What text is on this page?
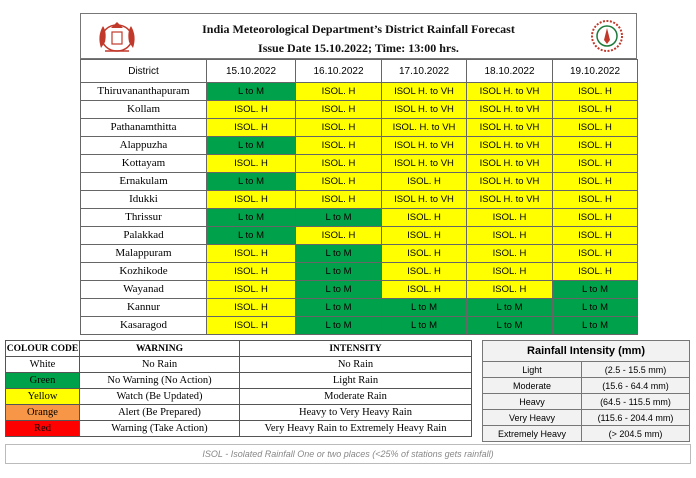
India Meteorological Department’s District Rainfall Forecast
Issue Date 15.10.2022; Time: 13:00 hrs.
District	15.10.2022	16.10.2022	17.10.2022	18.10.2022	19.10.2022
Thiruvananthapuram	L to M	ISOL. H	ISOL H. to VH	ISOL H. to VH	ISOL. H
Kollam	ISOL. H	ISOL. H	ISOL H. to VH	ISOL H. to VH	ISOL. H
Pathanamthitta	ISOL. H	ISOL. H	ISOL. H. to VH	ISOL H. to VH	ISOL. H
Alappuzha	L to M	ISOL. H	ISOL H. to VH	ISOL H. to VH	ISOL. H
Kottayam	ISOL. H	ISOL. H	ISOL H. to VH	ISOL H. to VH	ISOL. H
Ernakulam	L to M	ISOL. H	ISOL. H	ISOL H. to VH	ISOL. H
Idukki	ISOL. H	ISOL. H	ISOL H. to VH	ISOL H. to VH	ISOL. H
Thrissur	L to M	L to M	ISOL. H	ISOL. H	ISOL. H
Palakkad	L to M	ISOL. H	ISOL. H	ISOL. H	ISOL. H
Malappuram	ISOL. H	L to M	ISOL. H	ISOL. H	ISOL. H
Kozhikode	ISOL. H	L to M	ISOL. H	ISOL. H	ISOL. H
Wayanad	ISOL. H	L to M	ISOL. H	ISOL. H	L to M
Kannur	ISOL. H	L to M	L to M	L to M	L to M
Kasaragod	ISOL. H	L to M	L to M	L to M	L to M
COLOUR CODE	WARNING	INTENSITY
White	No Rain	No Rain
Green	No Warning (No Action)	Light Rain
Yellow	Watch (Be Updated)	Moderate Rain
Orange	Alert (Be Prepared)	Heavy to Very Heavy Rain
Red	Warning (Take Action)	Very Heavy Rain to Extremely Heavy Rain
Rainfall Intensity (mm)	
Light	(2.5 - 15.5 mm)
Moderate	(15.6 - 64.4 mm)
Heavy	(64.5 - 115.5 mm)
Very Heavy	(115.6 - 204.4 mm)
Extremely Heavy	(> 204.5 mm)
ISOL - Isolated Rainfall One or two places (<25% of stations gets rainfall)
